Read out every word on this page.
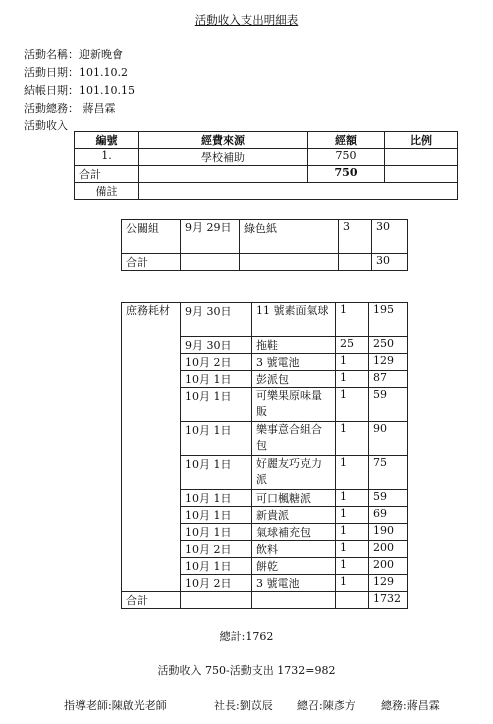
活動收入支出明細表
活動名稱：迎新晚會
活動日期：101.10.2
結帳日期：101.10.15
活動總務： 蔣昌霖
活動收入
編號	經費來源	經額	比例
1.	學校補助	750	
合計		750	
備註			
公關組	9月 29日	綠色紙	3	30
合計				30
庶務耗材	9月 30日	11 號素面氣球	1	195
	9月 30日	拖鞋	25	250
	10月 2日	3 號電池	1	129
	10月 1日	彭派包	1	87
	10月 1日	可樂果原味量販	1	59
	10月 1日	樂事意合組合包	1	90
	10月 1日	好麗友巧克力派	1	75
	10月 1日	可口楓糖派	1	59
	10月 1日	新貴派	1	69
	10月 1日	氣球補充包	1	190
	10月 2日	飲料	1	200
	10月 1日	餅乾	1	200
	10月 2日	3 號電池	1	129
合計				1732
總計:1762
活動收入 750-活動支出 1732=982
指導老師:陳啟光老師	社長:劉苡辰 總召:陳彥方 總務:蔣昌霖
